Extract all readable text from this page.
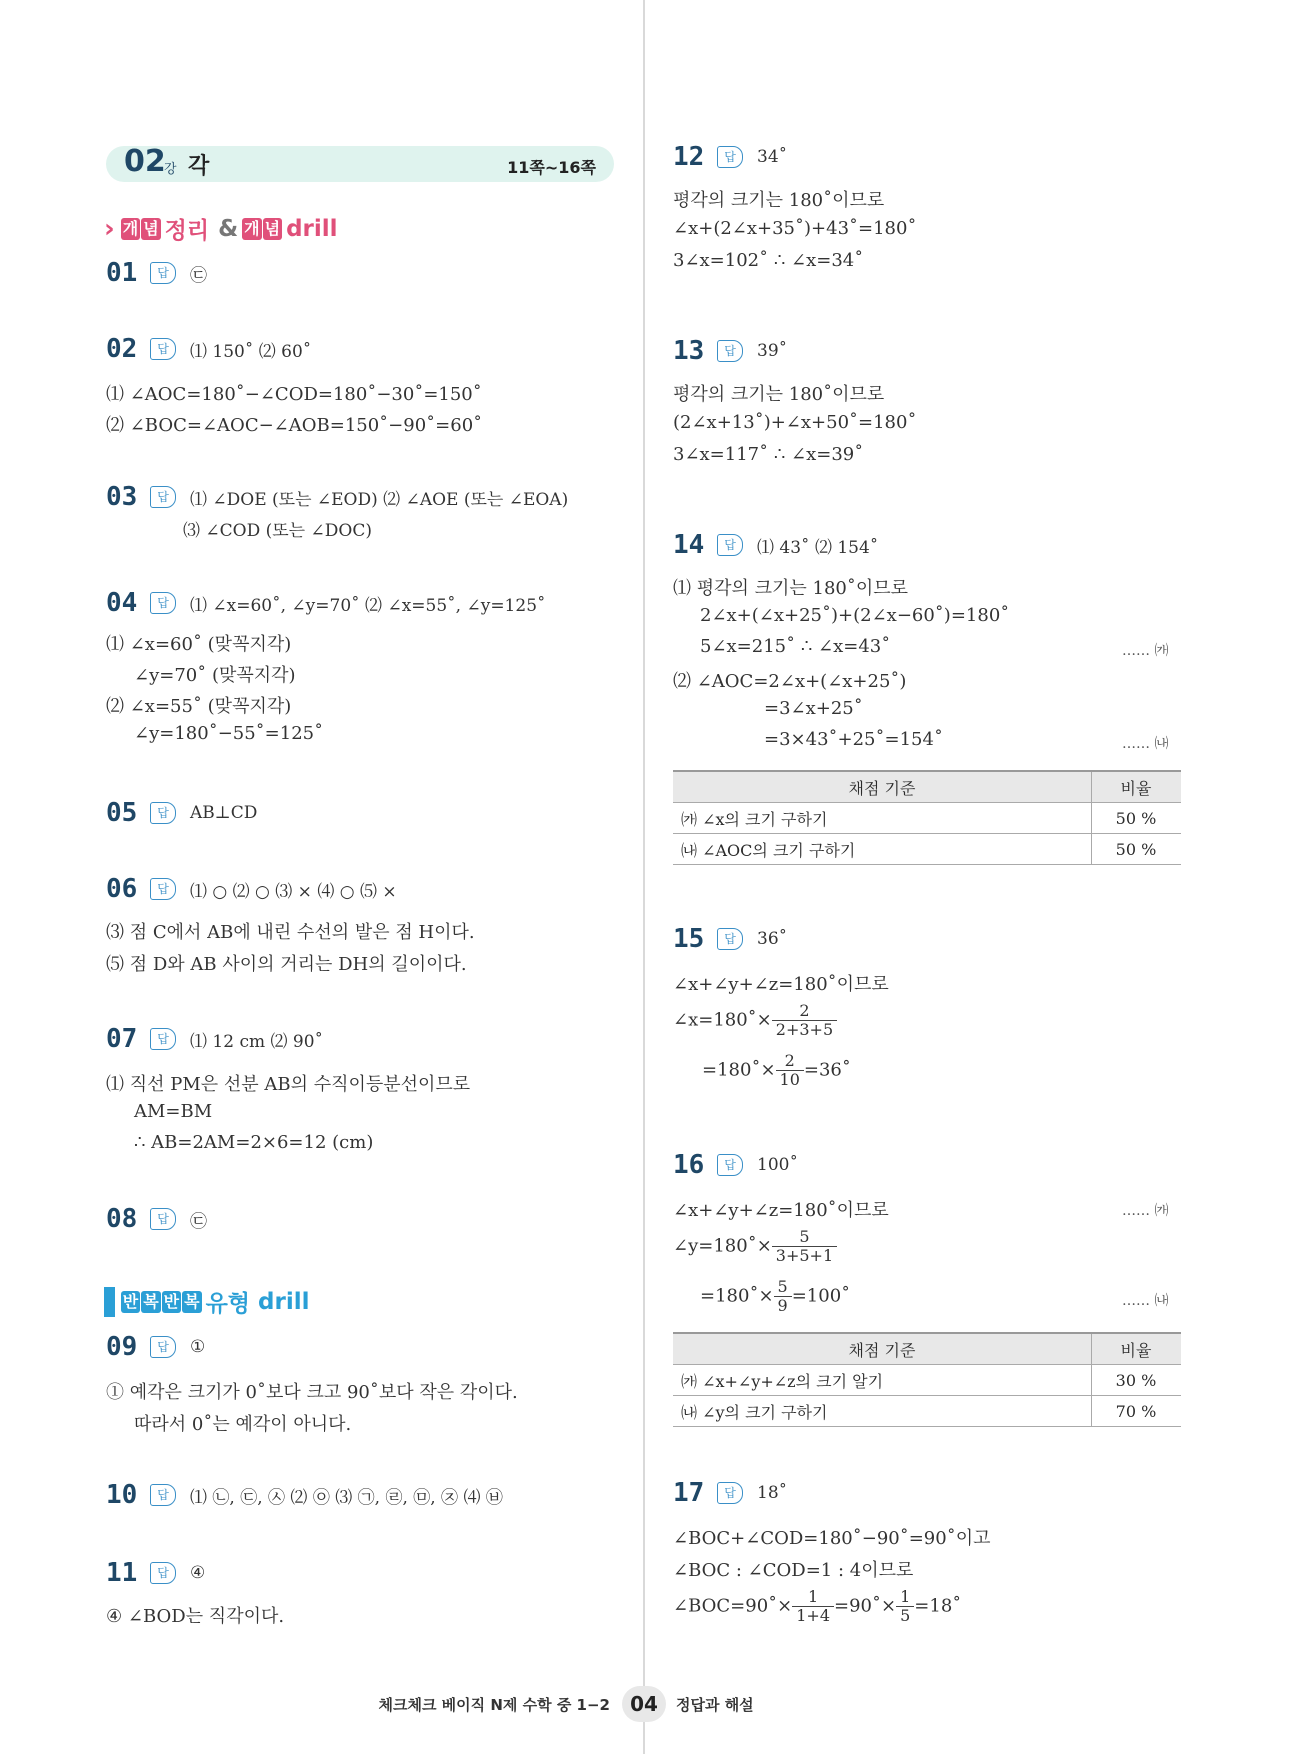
02
강 각	11쪽~16쪽
› 개 념 정리 & 개 념 drill
01	답	㉢
02	답	⑴ 150˚ ⑵ 60˚
⑴ ∠AOC=180˚−∠COD=180˚−30˚=150˚
⑵ ∠BOC=∠AOC−∠AOB=150˚−90˚=60˚
03	답	⑴ ∠DOE (또는 ∠EOD) ⑵ ∠AOE (또는 ∠EOA)
⑶ ∠COD (또는 ∠DOC)
04	답	⑴ ∠x=60˚, ∠y=70˚ ⑵ ∠x=55˚, ∠y=125˚
⑴ ∠x=60˚ (맞꼭지각)
∠y=70˚ (맞꼭지각)
⑵ ∠x=55˚ (맞꼭지각)
∠y=180˚−55˚=125˚
05	답	AB⊥CD
06	답	⑴ ○ ⑵ ○ ⑶ × ⑷ ○ ⑸ ×
⑶ 점 C에서 AB에 내린 수선의 발은 점 H이다.
⑸ 점 D와 AB 사이의 거리는 DH의 길이이다.
07	답	⑴ 12 cm ⑵ 90˚
⑴ 직선 PM은 선분 AB의 수직이등분선이므로
AM=BM
∴ AB=2AM=2×6=12 (cm)
08	답	㉢
› 반 복 반 복 유형 drill
09	답	①
① 예각은 크기가 0˚보다 크고 90˚보다 작은 각이다.
따라서 0˚는 예각이 아니다.
10	답	⑴ ㉡, ㉢, ㉦ ⑵ ㉧ ⑶ ㉠, ㉣, ㉤, ㉨ ⑷ ㉥
11	답	④
④ ∠BOD는 직각이다.
12	답	34˚
평각의 크기는 180˚이므로
∠x+(2∠x+35˚)+43˚=180˚
3∠x=102˚ ∴ ∠x=34˚
13	답	39˚
평각의 크기는 180˚이므로
(2∠x+13˚)+∠x+50˚=180˚
3∠x=117˚ ∴ ∠x=39˚
14	답	⑴ 43˚ ⑵ 154˚
⑴ 평각의 크기는 180˚이므로
2∠x+(∠x+25˚)+(2∠x−60˚)=180˚
5∠x=215˚ ∴ ∠x=43˚	…… ㈎
⑵ ∠AOC=2∠x+(∠x+25˚)
=3∠x+25˚
=3×43˚+25˚=154˚	…… ㈏
채점 기준	비율
㈎ ∠x의 크기 구하기	50 %
㈏ ∠AOC의 크기 구하기	50 %
15	답	36˚
∠x+∠y+∠z=180˚이므로
∠x=180˚× $\frac{2}{2+3+5}$
=180˚× $\frac{2}{10}$ =36˚
16	답	100˚
∠x+∠y+∠z=180˚이므로	…… ㈎
∠y=180˚× $\frac{5}{3+5+1}$
=180˚× $\frac{5}{9}$ =100˚	…… ㈏
채점 기준	비율
㈎ ∠x+∠y+∠z의 크기 알기	30 %
㈏ ∠y의 크기 구하기	70 %
17	답	18˚
∠BOC+∠COD=180˚−90˚=90˚이고
∠BOC : ∠COD=1 : 4이므로
∠BOC=90˚× $\frac{1}{1+4}$ =90˚× $\frac{1}{5}$ =18˚
체크체크 베이직 N제 수학 중 1−2	04	정답과 해설
